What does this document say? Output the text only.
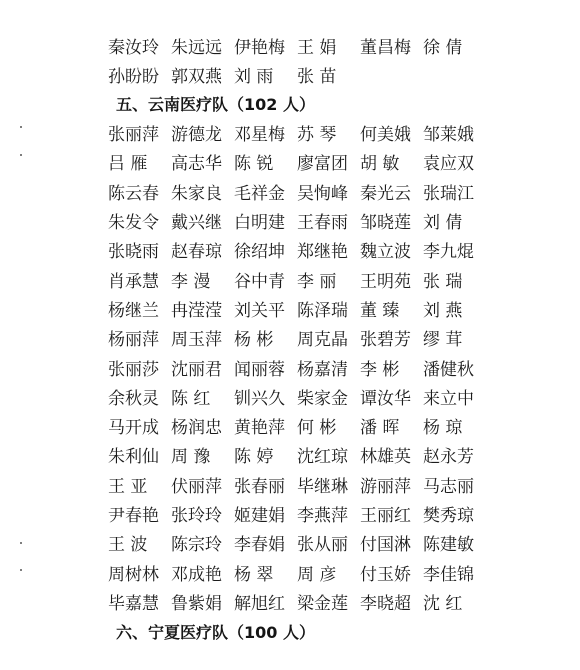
秦汝玲 朱远远 伊艳梅 王 娟	董昌梅 徐 倩
孙盼盼 郭双燕 刘 雨	张 苗
五、云南医疗队（102 人）
张丽萍 游德龙 邓星梅 苏 琴	何美娥 邹莱娥
吕 雁	高志华 陈 锐	廖富团 胡 敏	袁应双
陈云春 朱家良 毛祥金 吴恂峰 秦光云 张瑞江
朱发令 戴兴继 白明建 王春雨 邹晓莲 刘 倩
张晓雨 赵春琼 徐绍坤 郑继艳 魏立波 李九焜
肖承慧 李 漫	谷中青 李 丽	王明苑 张 瑞
杨继兰 冉滢滢 刘关平 陈泽瑞 董 臻	刘 燕
杨丽萍 周玉萍 杨 彬	周克晶 张碧芳 缪 茸
张丽莎 沈丽君 闻丽蓉 杨嘉清 李 彬	潘健秋
余秋灵 陈 红	钏兴久 柴家金 谭汝华 来立中
马开成 杨润忠 黄艳萍 何 彬	潘 晖	杨 琼
朱利仙 周 豫	陈 婷	沈红琼 林雄英 赵永芳
王 亚	伏丽萍 张春丽 毕继琳 游丽萍 马志丽
尹春艳 张玲玲 姬建娟 李燕萍 王丽红 樊秀琼
王 波	陈宗玲 李春娟 张从丽 付国淋 陈建敏
周树林 邓成艳 杨 翠	周 彦	付玉娇 李佳锦
毕嘉慧 鲁紫娟 解旭红 梁金莲 李晓超 沈 红
六、宁夏医疗队（100 人）
